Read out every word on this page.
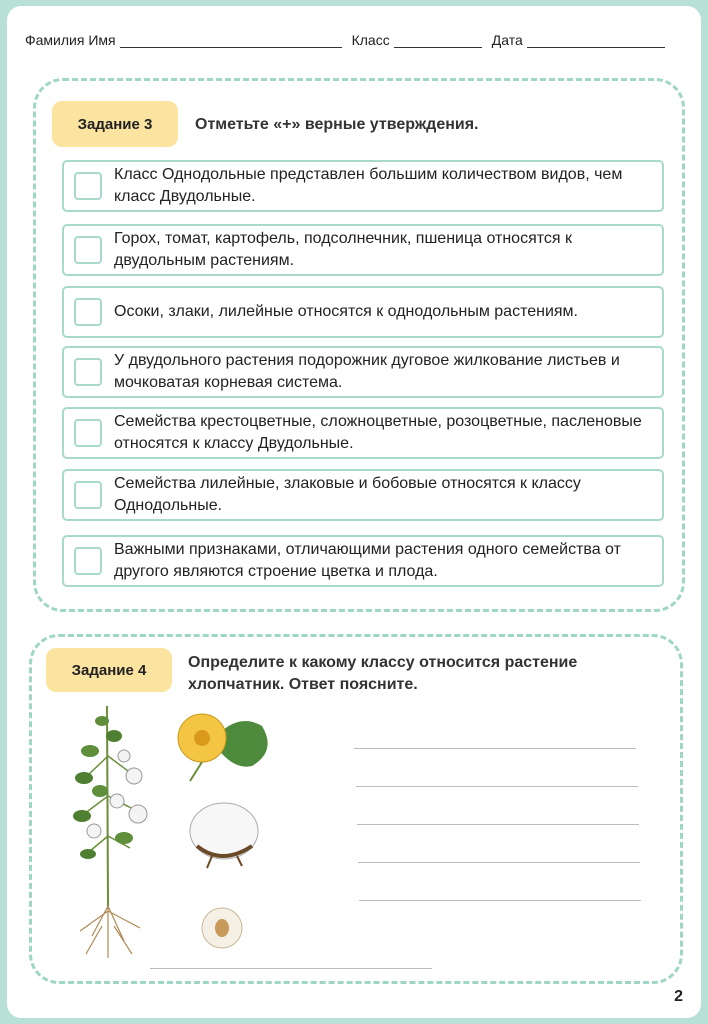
Фамилия Имя	Класс	Дата
Задание 3	Отметьте «+» верные утверждения.
Класс Однодольные представлен большим количеством видов, чем класс Двудольные.
Горох, томат, картофель, подсолнечник, пшеница относятся к двудольным растениям.
Осоки, злаки, лилейные относятся к однодольным растениям.
У двудольного растения подорожник дуговое жилкование листьев и мочковатая корневая система.
Семейства крестоцветные, сложноцветные, розоцветные, пасленовые относятся к классу Двудольные.
Семейства лилейные, злаковые и бобовые относятся к классу Однодольные.
Важными признаками, отличающими растения одного семейства от другого являются строение цветка и плода.
Задание 4	Определите к какому классу относится растение хлопчатник. Ответ поясните.
2
